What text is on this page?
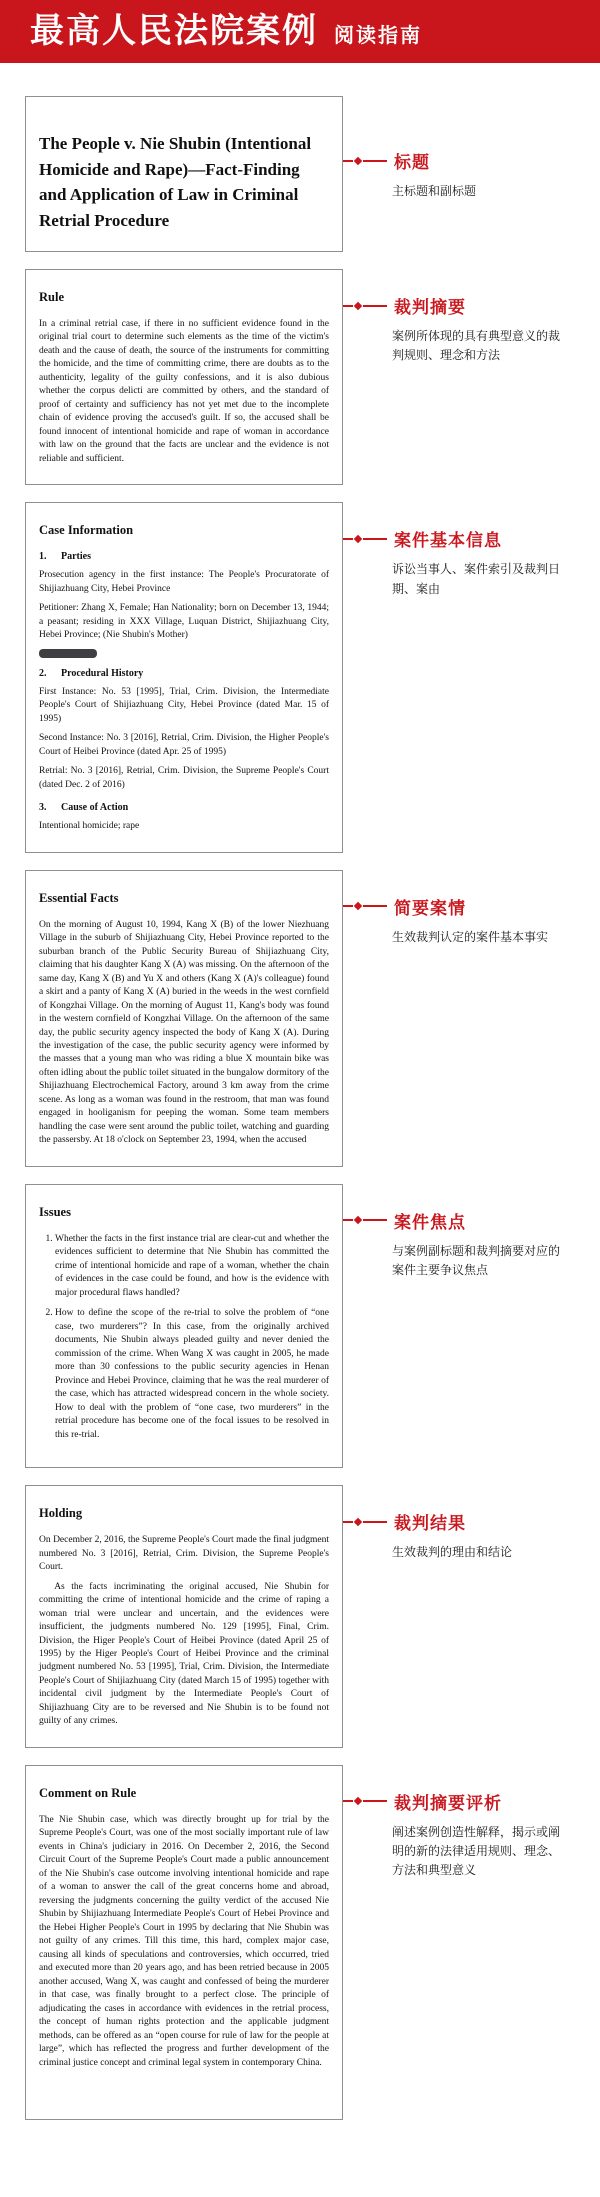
最高人民法院案例 阅读指南
The People v. Nie Shubin (Intentional Homicide and Rape)—Fact-Finding and Application of Law in Criminal Retrial Procedure
标题

主标题和副标题

Rule

In a criminal retrial case, if there in no sufficient evidence found in the original trial court to determine such elements as the time of the victim's death and the cause of death, the source of the instruments for committing the homicide, and the time of committing crime, there are doubts as to the authenticity, legality of the guilty confessions, and it is also dubious whether the corpus delicti are committed by others, and the standard of proof of certainty and sufficiency has not yet met due to the incomplete chain of evidence proving the accused's guilt. If so, the accused shall be found innocent of intentional homicide and rape of woman in accordance with law on the ground that the facts are unclear and the evidence is not reliable and sufficient.

裁判摘要

案例所体现的具有典型意义的裁判规则、理念和方法

Case Information
1.	Parties

Prosecution agency in the first instance: The People's Procuratorate of Shijiazhuang City, Hebei Province

Petitioner: Zhang X, Female; Han Nationality; born on December 13, 1944; a peasant; residing in XXX Village, Luquan District, Shijiazhuang City, Hebei Province; (Nie Shubin's Mother)

2.	Procedural History

First Instance: No. 53 [1995], Trial, Crim. Division, the Intermediate People's Court of Shijiazhuang City, Hebei Province (dated Mar. 15 of 1995)

Second Instance: No. 3 [2016], Retrial, Crim. Division, the Higher People's Court of Heibei Province (dated Apr. 25 of 1995)

Retrial: No. 3 [2016], Retrial, Crim. Division, the Supreme People's Court (dated Dec. 2 of 2016)

3.	Cause of Action

Intentional homicide; rape

案件基本信息

诉讼当事人、案件索引及裁判日期、案由

Essential Facts

On the morning of August 10, 1994, Kang X (B) of the lower Niezhuang Village in the suburb of Shijiazhuang City, Hebei Province reported to the suburban branch of the Public Security Bureau of Shijiazhuang City, claiming that his daughter Kang X (A) was missing. On the afternoon of the same day, Kang X (B) and Yu X and others (Kang X (A)'s colleague) found a skirt and a panty of Kang X (A) buried in the weeds in the west cornfield of Kongzhai Village. On the morning of August 11, Kang's body was found in the western cornfield of Kongzhai Village. On the afternoon of the same day, the public security agency inspected the body of Kang X (A). During the investigation of the case, the public security agency were informed by the masses that a young man who was riding a blue X mountain bike was often idling about the public toilet situated in the bungalow dormitory of the Shijiazhuang Electrochemical Factory, around 3 km away from the crime scene. As long as a woman was found in the restroom, that man was found engaged in hooliganism for peeping the woman. Some team members handling the case were sent around the public toilet, watching and guarding the passersby. At 18 o'clock on September 23, 1994, when the accused

简要案情

生效裁判认定的案件基本事实

Issues
1. Whether the facts in the first instance trial are clear-cut and whether the evidences sufficient to determine that Nie Shubin has committed the crime of intentional homicide and rape of a woman, whether the chain of evidences in the case could be found, and how is the evidence with major procedural flaws handled?
2. How to define the scope of the re-trial to solve the problem of “one case, two murderers”? In this case, from the originally archived documents, Nie Shubin always pleaded guilty and never denied the commission of the crime. When Wang X was caught in 2005, he made more than 30 confessions to the public security agencies in Henan Province and Hebei Province, claiming that he was the real murderer of the case, which has attracted widespread concern in the whole society. How to deal with the problem of “one case, two murderers” in the retrial procedure has become one of the focal issues to be resolved in this re-trial.
案件焦点

与案例副标题和裁判摘要对应的案件主要争议焦点

Holding

On December 2, 2016, the Supreme People's Court made the final judgment numbered No. 3 [2016], Retrial, Crim. Division, the Supreme People's Court.

As the facts incriminating the original accused, Nie Shubin for committing the crime of intentional homicide and the crime of raping a woman trial were unclear and uncertain, and the evidences were insufficient, the judgments numbered No. 129 [1995], Final, Crim. Division, the Higer People's Court of Heibei Province (dated April 25 of 1995) by the Higer People's Court of Heibei Province and the criminal judgment numbered No. 53 [1995], Trial, Crim. Division, the Intermediate People's Court of Shijiazhuang City (dated March 15 of 1995) together with incidental civil judgment by the Intermediate People's Court of Shijiazhuang City are to be reversed and Nie Shubin is to be found not guilty of any crimes.

裁判结果

生效裁判的理由和结论

Comment on Rule

The Nie Shubin case, which was directly brought up for trial by the Supreme People's Court, was one of the most socially important rule of law events in China's judiciary in 2016. On December 2, 2016, the Second Circuit Court of the Supreme People's Court made a public announcement of the Nie Shubin's case outcome involving intentional homicide and rape of a woman to answer the call of the great concerns home and abroad, reversing the judgments concerning the guilty verdict of the accused Nie Shubin by Shijiazhuang Intermediate People's Court of Hebei Province and the Hebei Higher People's Court in 1995 by declaring that Nie Shubin was not guilty of any crimes. Till this time, this hard, complex major case, causing all kinds of speculations and controversies, which occurred, tried and executed more than 20 years ago, and has been retried because in 2005 another accused, Wang X, was caught and confessed of being the murderer in that case, was finally brought to a perfect close. The principle of adjudicating the cases in accordance with evidences in the retrial process, the concept of human rights protection and the applicable judgment methods, can be offered as an “open course for rule of law for the people at large”, which has reflected the progress and further development of the criminal justice concept and criminal legal system in contemporary China.

裁判摘要评析

阐述案例创造性解释，揭示或阐明的新的法律适用规则、理念、方法和典型意义
